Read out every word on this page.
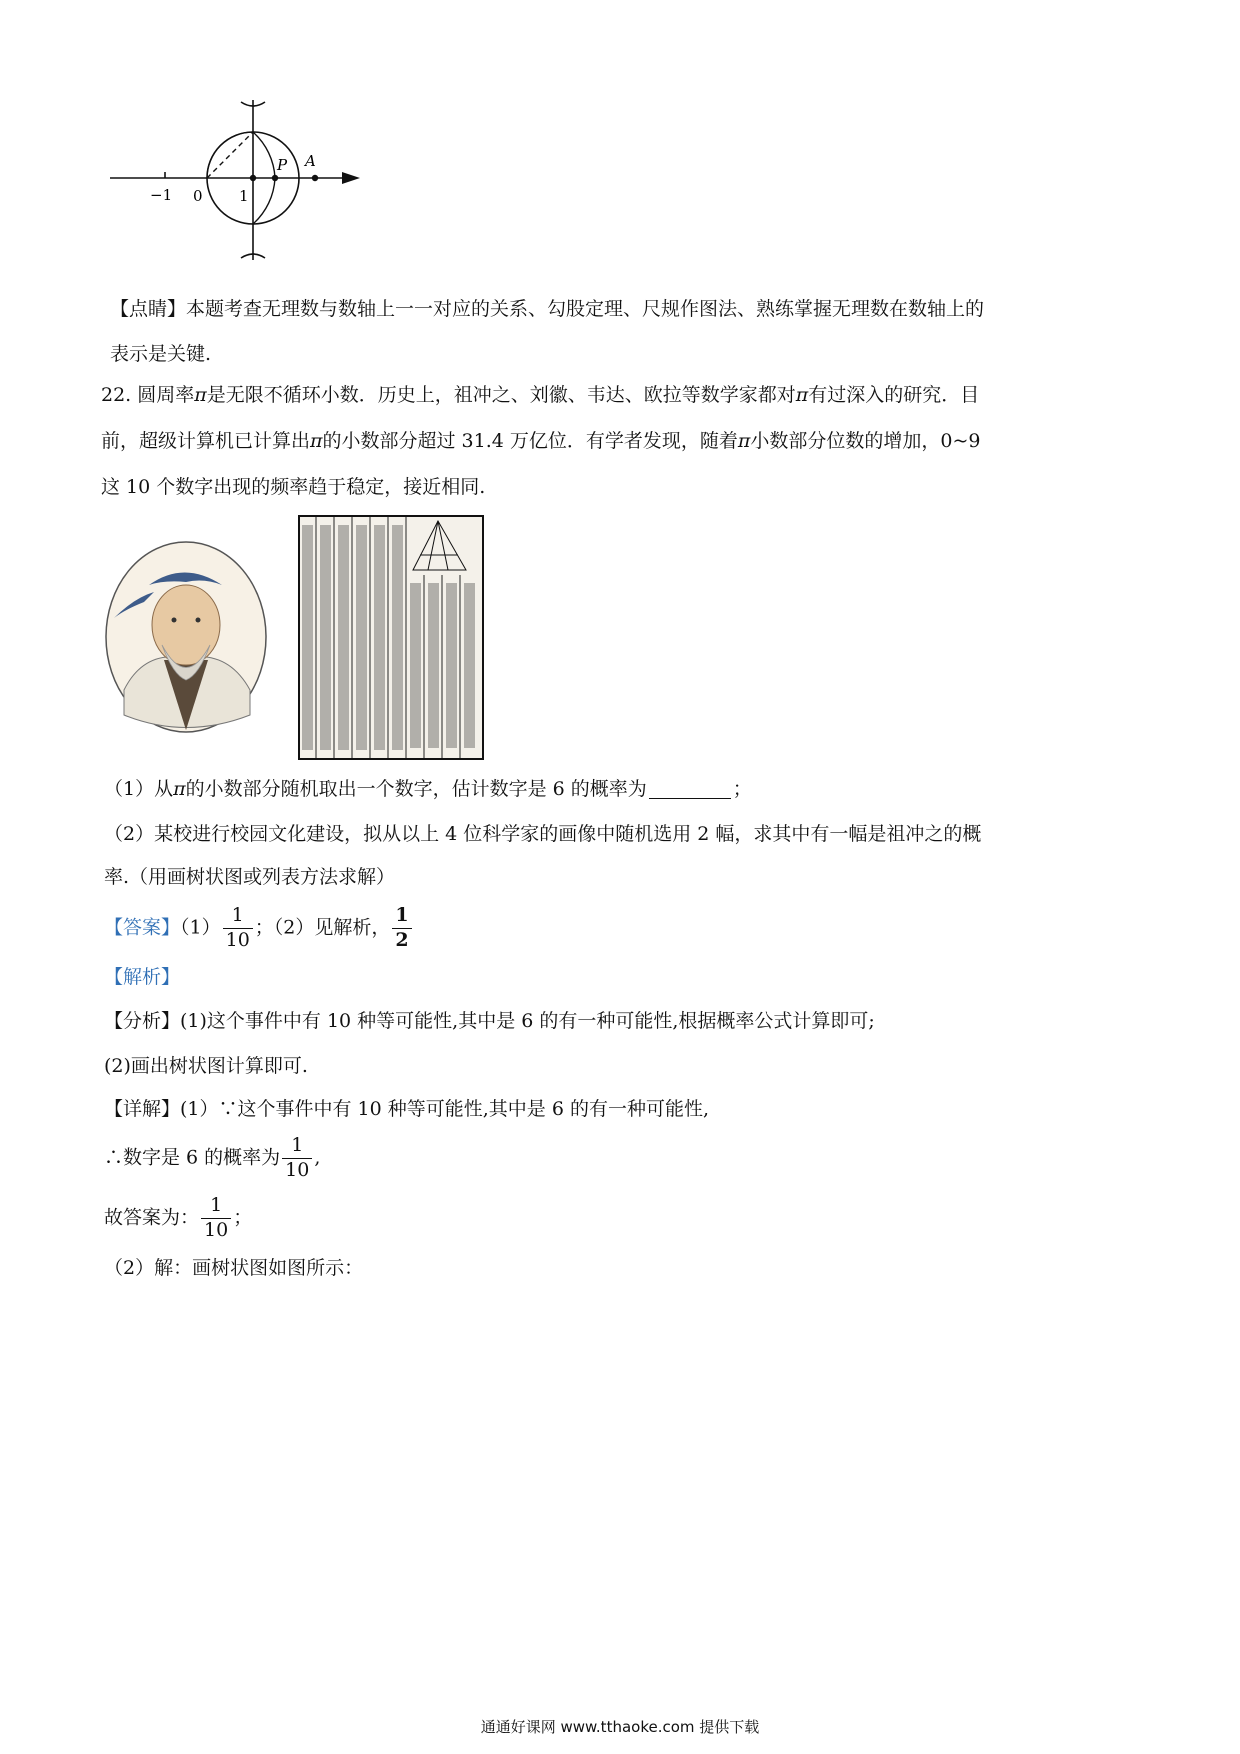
−1 0 1
P A
【点睛】本题考查无理数与数轴上一一对应的关系、勾股定理、尺规作图法、熟练掌握无理数在数轴上的
表示是关键.
22. 圆周率π是无限不循环小数．历史上，祖冲之、刘徽、韦达、欧拉等数学家都对π有过深入的研究．目
前，超级计算机已计算出π的小数部分超过 31.4 万亿位．有学者发现，随着π小数部分位数的增加，0~9
这 10 个数字出现的频率趋于稳定，接近相同.
（1）从π的小数部分随机取出一个数字，估计数字是 6 的概率为	；
（2）某校进行校园文化建设，拟从以上 4 位科学家的画像中随机选用 2 幅，求其中有一幅是祖冲之的概
率.（用画树状图或列表方法求解）
【答案】$(1) \frac{1}{10}$ ；（2）见解析， $\frac{1}{2}$
【解析】
【分析】(1)这个事件中有 10 种等可能性,其中是 6 的有一种可能性,根据概率公式计算即可;
(2)画出树状图计算即可.
【详解】(1）∵这个事件中有 10 种等可能性,其中是 6 的有一种可能性,
∴数字是 6 的概率为 $\frac{1}{10}$ ,
故答案为： $\frac{1}{10}$ ；
（2）解：画树状图如图所示：
通通好课网 www.tthaoke.com 提供下载
